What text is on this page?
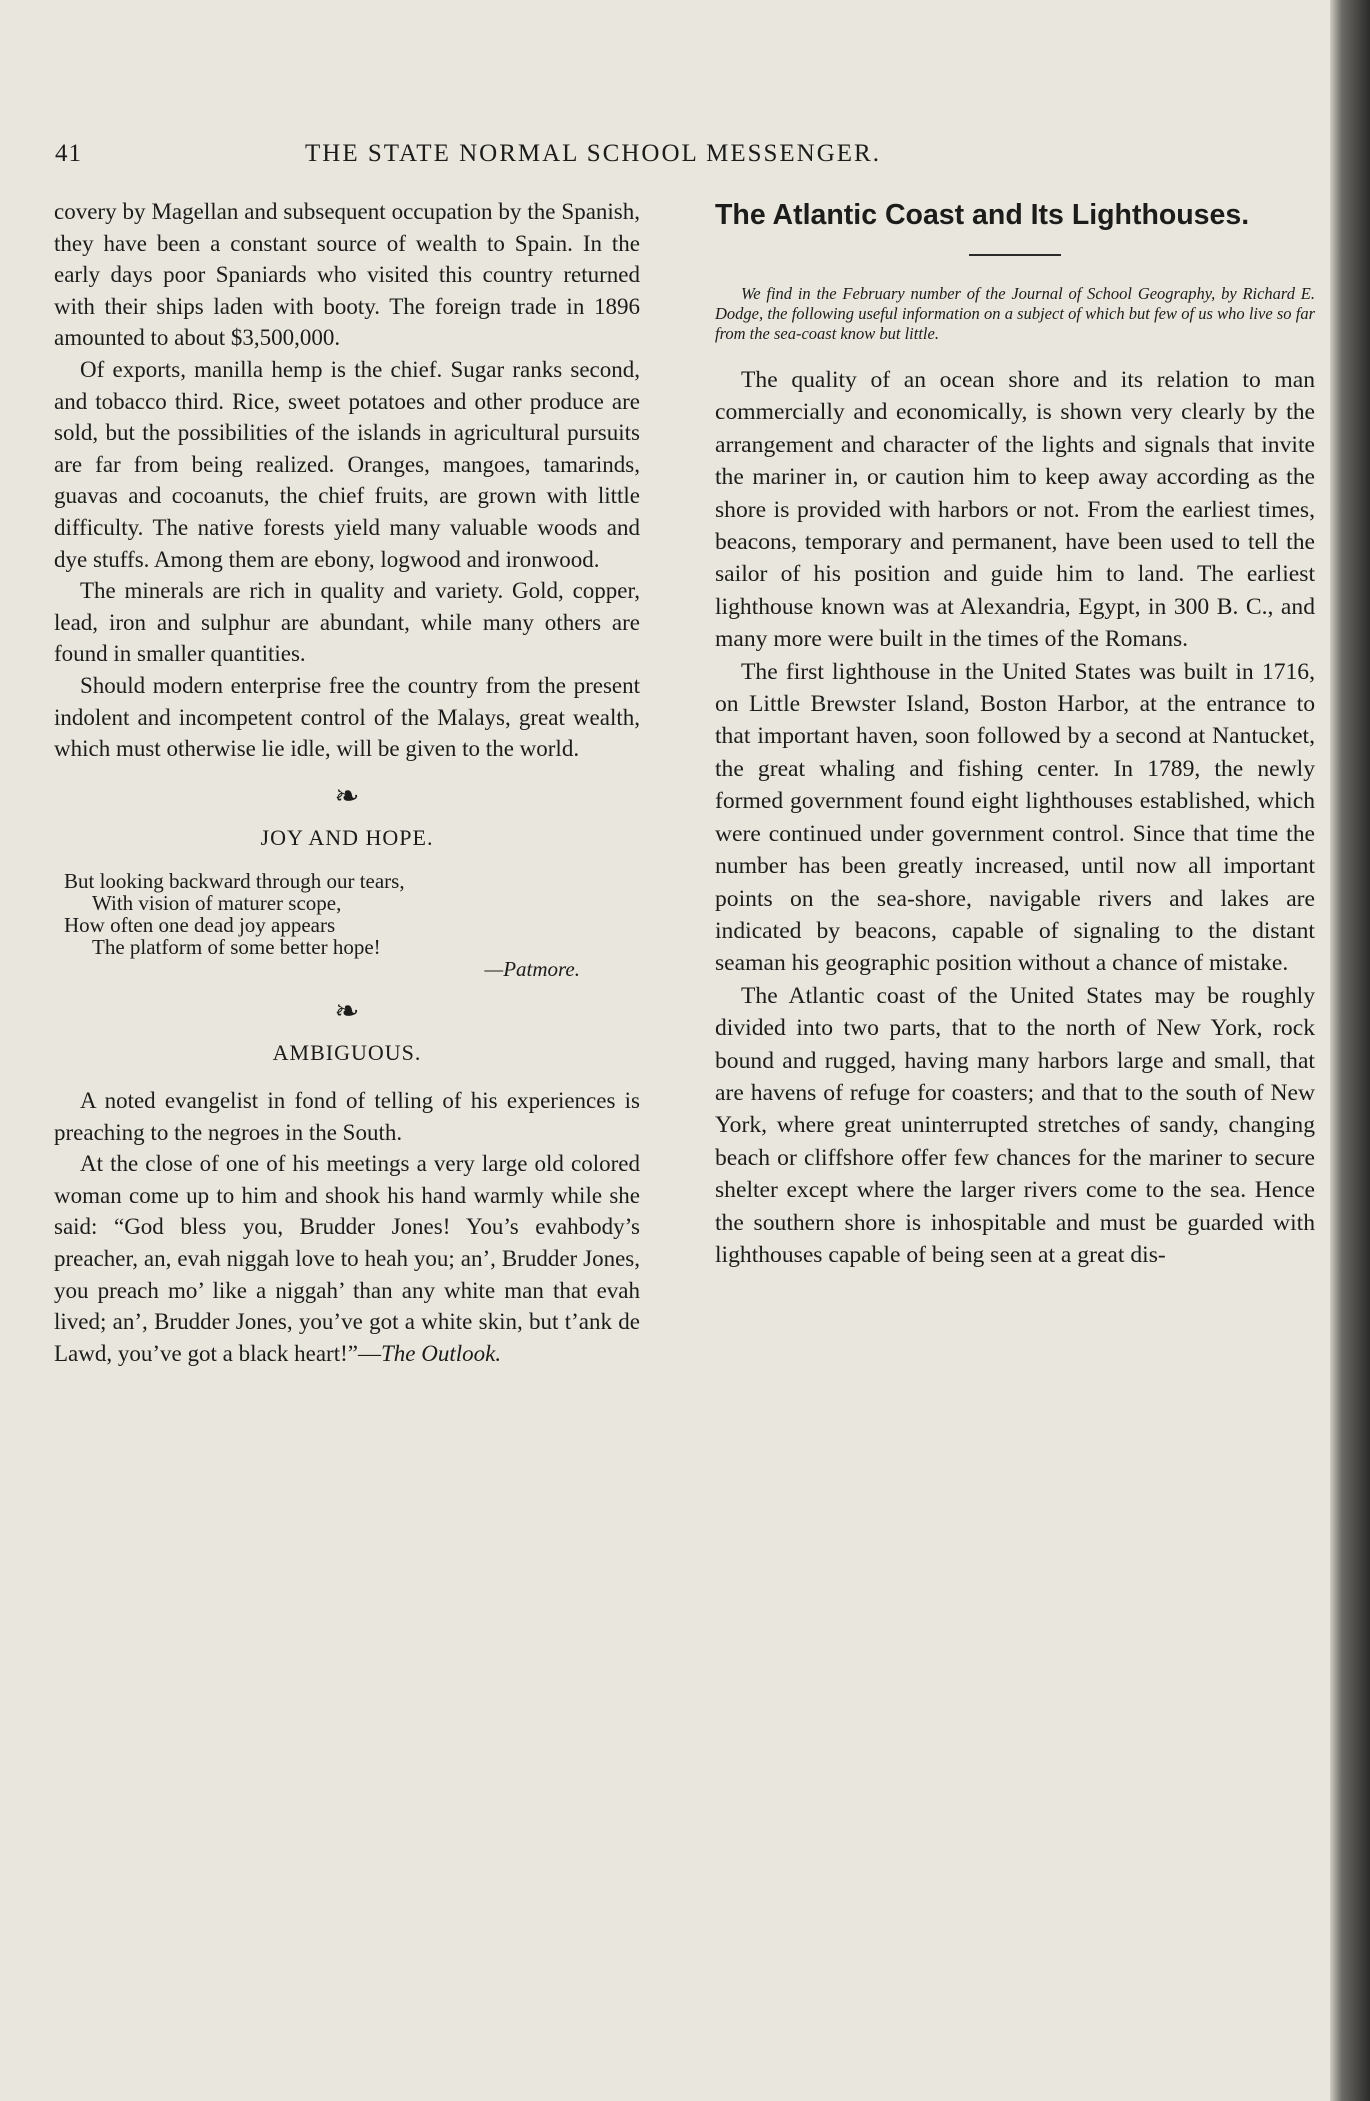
41	THE STATE NORMAL SCHOOL MESSENGER.

covery by Magellan and subsequent occupation by the Spanish, they have been a constant source of wealth to Spain. In the early days poor Spaniards who visited this country returned with their ships laden with booty. The foreign trade in 1896 amounted to about $3,500,000.

Of exports, manilla hemp is the chief. Sugar ranks second, and tobacco third. Rice, sweet potatoes and other produce are sold, but the possibilities of the islands in agricultural pursuits are far from being realized. Oranges, mangoes, tamarinds, guavas and cocoanuts, the chief fruits, are grown with little difficulty. The native forests yield many valuable woods and dye stuffs. Among them are ebony, logwood and ironwood.

The minerals are rich in quality and variety. Gold, copper, lead, iron and sulphur are abundant, while many others are found in smaller quantities.

Should modern enterprise free the country from the present indolent and incompetent control of the Malays, great wealth, which must otherwise lie idle, will be given to the world.

❧
JOY AND HOPE.
But looking backward through our tears,
With vision of maturer scope,
How often one dead joy appears
The platform of some better hope!
—Patmore.
❧
AMBIGUOUS.

A noted evangelist in fond of telling of his experiences is preaching to the negroes in the South.

At the close of one of his meetings a very large old colored woman come up to him and shook his hand warmly while she said: “God bless you, Brudder Jones! You’s evahbody’s preacher, an, evah niggah love to heah you; an’, Brudder Jones, you preach mo’ like a niggah’ than any white man that evah lived; an’, Brudder Jones, you’ve got a white skin, but t’ank de Lawd, you’ve got a black heart!”—The Outlook.

The Atlantic Coast and Its Lighthouses.
We find in the February number of the Journal of School Geography, by Richard E. Dodge, the following useful information on a subject of which but few of us who live so far from the sea-coast know but little.

The quality of an ocean shore and its relation to man commercially and economically, is shown very clearly by the arrangement and character of the lights and signals that invite the mariner in, or caution him to keep away according as the shore is provided with harbors or not. From the earliest times, beacons, temporary and permanent, have been used to tell the sailor of his position and guide him to land. The earliest lighthouse known was at Alexandria, Egypt, in 300 B. C., and many more were built in the times of the Romans.

The first lighthouse in the United States was built in 1716, on Little Brewster Island, Boston Harbor, at the entrance to that important haven, soon followed by a second at Nantucket, the great whaling and fishing center. In 1789, the newly formed government found eight lighthouses established, which were continued under government control. Since that time the number has been greatly increased, until now all important points on the sea-shore, navigable rivers and lakes are indicated by beacons, capable of signaling to the distant seaman his geographic position without a chance of mistake.

The Atlantic coast of the United States may be roughly divided into two parts, that to the north of New York, rock bound and rugged, having many harbors large and small, that are havens of refuge for coasters; and that to the south of New York, where great uninterrupted stretches of sandy, changing beach or cliffshore offer few chances for the mariner to secure shelter except where the larger rivers come to the sea. Hence the southern shore is inhospitable and must be guarded with lighthouses capable of being seen at a great dis-
